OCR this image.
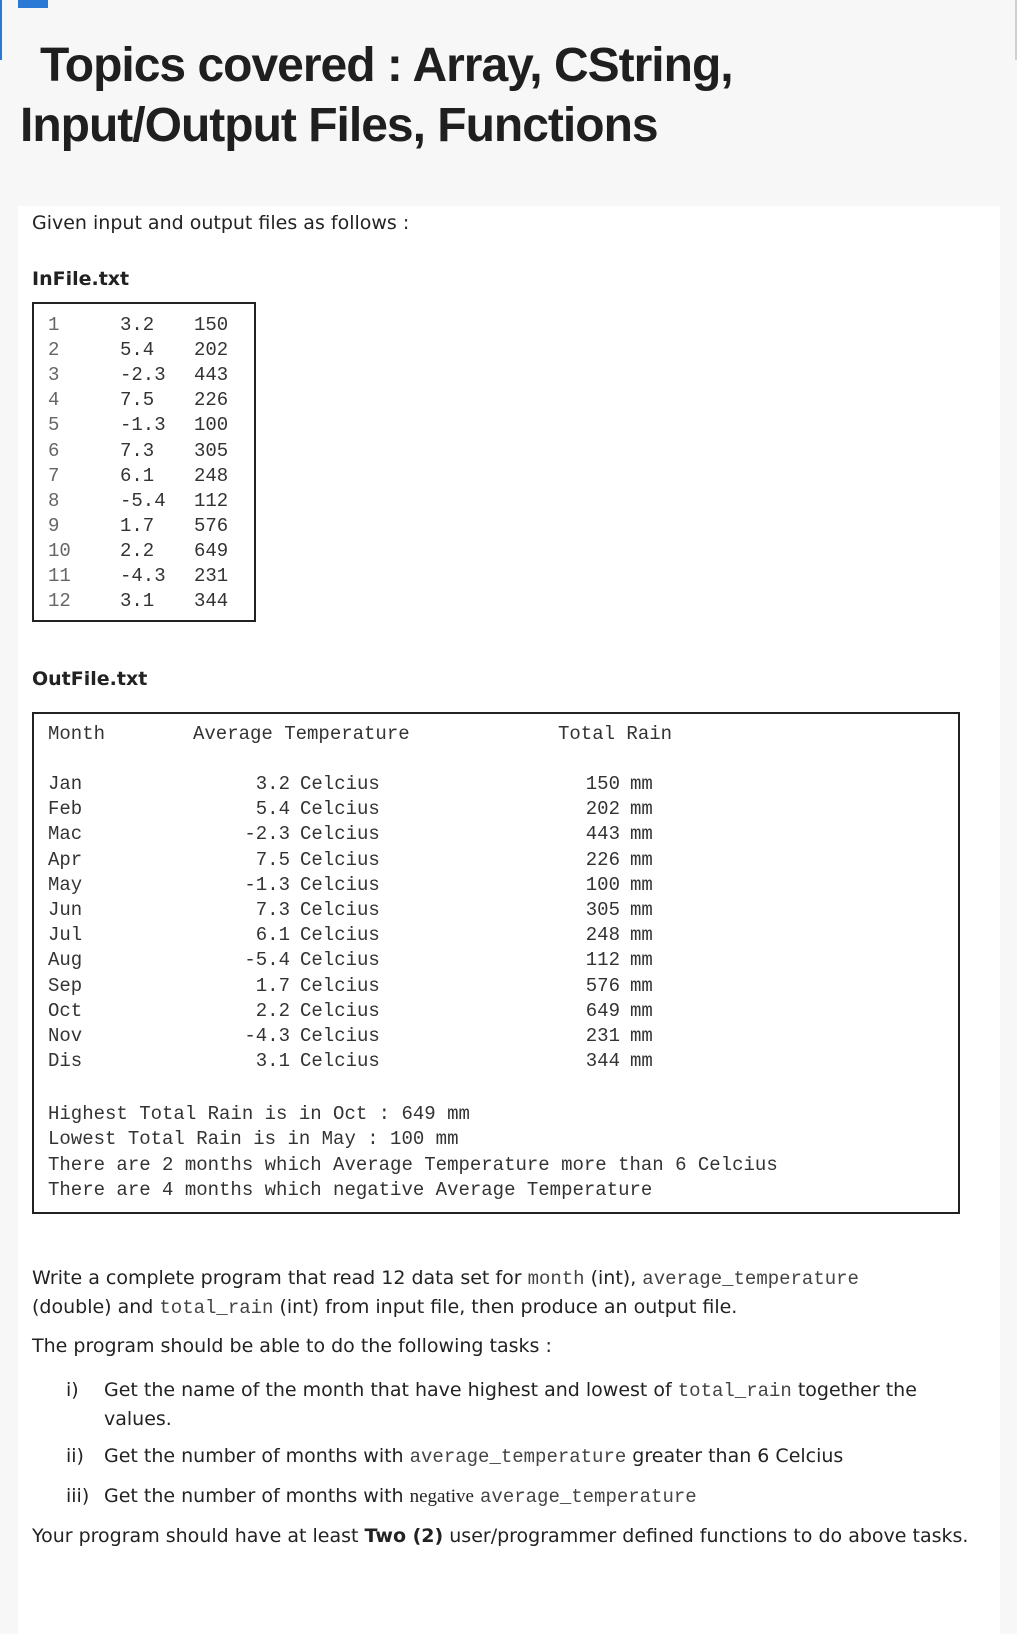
Topics covered : Array, CString, Input/Output Files, Functions
Given input and output files as follows :
InFile.txt
1	3.2 150
2	5.4 202
3	-2.3 443
4	7.5 226
5	-1.3 100
6	7.3 305
7	6.1 248
8	-5.4 112
9	1.7 576
10	2.2 649
11	-4.3 231
12	3.1 344
OutFile.txt
Month	Average Temperature	Total Rain
Jan	3.2 Celcius	150 mm
Feb	5.4 Celcius	202 mm
Mac	-2.3 Celcius	443 mm
Apr	7.5 Celcius	226 mm
May	-1.3 Celcius	100 mm
Jun	7.3 Celcius	305 mm
Jul	6.1 Celcius	248 mm
Aug	-5.4 Celcius	112 mm
Sep	1.7 Celcius	576 mm
Oct	2.2 Celcius	649 mm
Nov	-4.3 Celcius	231 mm
Dis	3.1 Celcius	344 mm
Highest Total Rain is in Oct : 649 mm
Lowest Total Rain is in May : 100 mm
There are 2 months which Average Temperature more than 6 Celcius
There are 4 months which negative Average Temperature
Write a complete program that read 12 data set for month (int), average_temperature
(double) and total_rain (int) from input file, then produce an output file.
The program should be able to do the following tasks :
i) Get the name of the month that have highest and lowest of total_rain together the
values.
ii) Get the number of months with average_temperature greater than 6 Celcius
iii) Get the number of months with negative average_temperature
Your program should have at least Two (2) user/programmer defined functions to do above tasks.
